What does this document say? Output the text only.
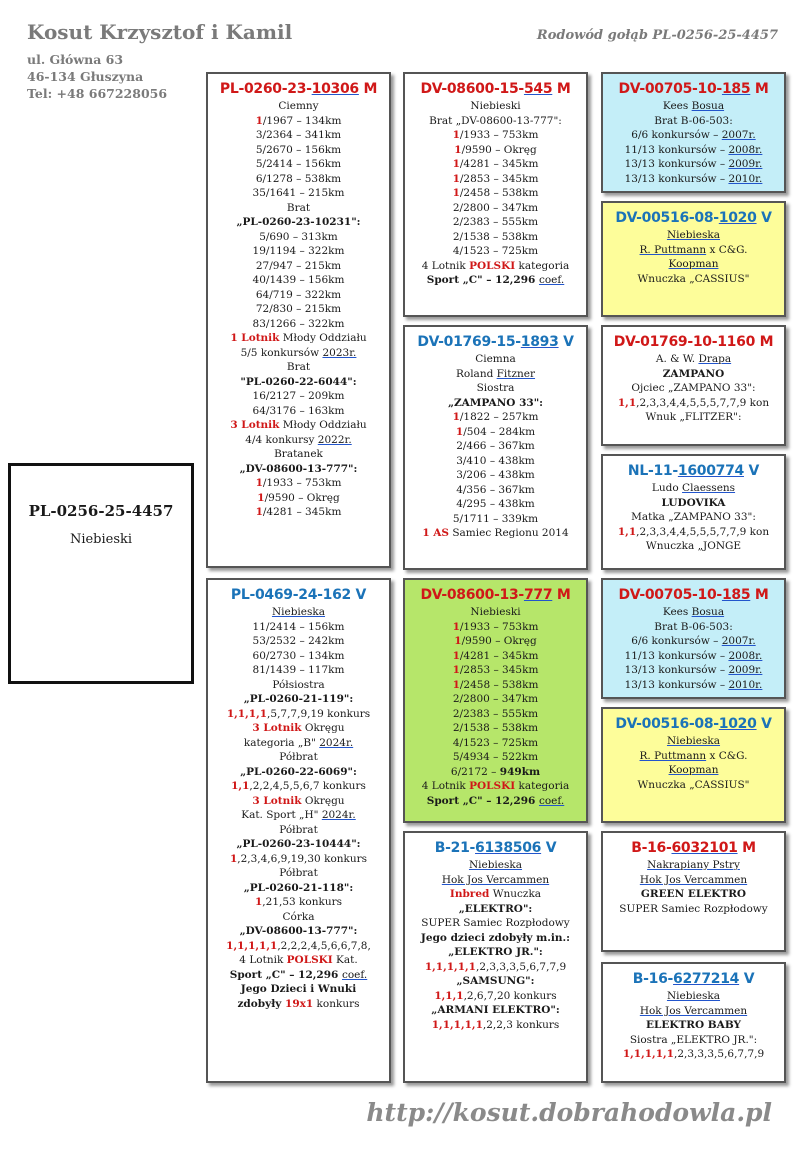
Kosut Krzysztof i Kamil
ul. Główna 63
46-134 Głuszyna
Tel: +48 667228056
Rodowód gołąb PL-0256-25-4457
PL-0256-25-4457
Niebieski
PL-0260-23-10306 M
Ciemny
1/1967 – 134km
3/2364 – 341km
5/2670 – 156km
5/2414 – 156km
6/1278 – 538km
35/1641 – 215km
Brat
„PL-0260-23-10231":
5/690 – 313km
19/1194 – 322km
27/947 – 215km
40/1439 – 156km
64/719 – 322km
72/830 – 215km
83/1266 – 322km
1 Lotnik Młody Oddziału
5/5 konkursów 2023r.
Brat
"PL-0260-22-6044":
16/2127 – 209km
64/3176 – 163km
3 Lotnik Młody Oddziału
4/4 konkursy 2022r.
Bratanek
„DV-08600-13-777":
1/1933 – 753km
1/9590 – Okręg
1/4281 – 345km
PL-0469-24-162 V
Niebieska
11/2414 – 156km
53/2532 – 242km
60/2730 – 134km
81/1439 – 117km
Półsiostra
„PL-0260-21-119":
1,1,1,1,5,7,7,9,19 konkurs
3 Lotnik Okręgu
kategoria „B" 2024r.
Półbrat
„PL-0260-22-6069":
1,1,2,2,4,5,5,6,7 konkurs
3 Lotnik Okręgu
Kat. Sport „H" 2024r.
Półbrat
„PL-0260-23-10444":
1,2,3,4,6,9,19,30 konkurs
Półbrat
„PL-0260-21-118":
1,21,53 konkurs
Córka
„DV-08600-13-777":
1,1,1,1,1,2,2,2,4,5,6,6,7,8,
4 Lotnik POLSKI Kat.
Sport „C" – 12,296 coef.
Jego Dzieci i Wnuki
zdobyły 19x1 konkurs
DV-08600-15-545 M
Niebieski
Brat „DV-08600-13-777":
1/1933 – 753km
1/9590 – Okręg
1/4281 – 345km
1/2853 – 345km
1/2458 – 538km
2/2800 – 347km
2/2383 – 555km
2/1538 – 538km
4/1523 – 725km
4 Lotnik POLSKI kategoria
Sport „C" – 12,296 coef.
DV-01769-15-1893 V
Ciemna
Roland Fitzner
Siostra
„ZAMPANO 33":
1/1822 – 257km
1/504 – 284km
2/466 – 367km
3/410 – 438km
3/206 – 438km
4/356 – 367km
4/295 – 438km
5/1711 – 339km
1 AS Samiec Regionu 2014
DV-08600-13-777 M
Niebieski
1/1933 – 753km
1/9590 – Okręg
1/4281 – 345km
1/2853 – 345km
1/2458 – 538km
2/2800 – 347km
2/2383 – 555km
2/1538 – 538km
4/1523 – 725km
5/4934 – 522km
6/2172 – 949km
4 Lotnik POLSKI kategoria
Sport „C" – 12,296 coef.
B-21-6138506 V
Niebieska
Hok Jos Vercammen
Inbred Wnuczka
„ELEKTRO":
SUPER Samiec Rozpłodowy
Jego dzieci zdobyły m.in.:
„ELEKTRO JR.":
1,1,1,1,1,2,3,3,3,5,6,7,7,9
„SAMSUNG":
1,1,1,2,6,7,20 konkurs
„ARMANI ELEKTRO":
1,1,1,1,1,2,2,3 konkurs
DV-00705-10-185 M
Kees Bosua
Brat B-06-503:
6/6 konkursów – 2007r.
11/13 konkursów – 2008r.
13/13 konkursów – 2009r.
13/13 konkursów – 2010r.
DV-00516-08-1020 V
Niebieska
R. Puttmann x C&G.
Koopman
Wnuczka „CASSIUS"
DV-01769-10-1160 M
A. & W. Drapa
ZAMPANO
Ojciec „ZAMPANO 33":
1,1,2,3,3,4,4,5,5,5,7,7,9 kon
Wnuk „FLITZER":
NL-11-1600774 V
Ludo Claessens
LUDOVIKA
Matka „ZAMPANO 33":
1,1,2,3,3,4,4,5,5,5,7,7,9 kon
Wnuczka „JONGE
DV-00705-10-185 M
Kees Bosua
Brat B-06-503:
6/6 konkursów – 2007r.
11/13 konkursów – 2008r.
13/13 konkursów – 2009r.
13/13 konkursów – 2010r.
DV-00516-08-1020 V
Niebieska
R. Puttmann x C&G.
Koopman
Wnuczka „CASSIUS"
B-16-6032101 M
Nakrapiany Pstry
Hok Jos Vercammen
GREEN ELEKTRO
SUPER Samiec Rozpłodowy
B-16-6277214 V
Niebieska
Hok Jos Vercammen
ELEKTRO BABY
Siostra „ELEKTRO JR.":
1,1,1,1,1,2,3,3,3,5,6,7,7,9
http://kosut.dobrahodowla.pl
